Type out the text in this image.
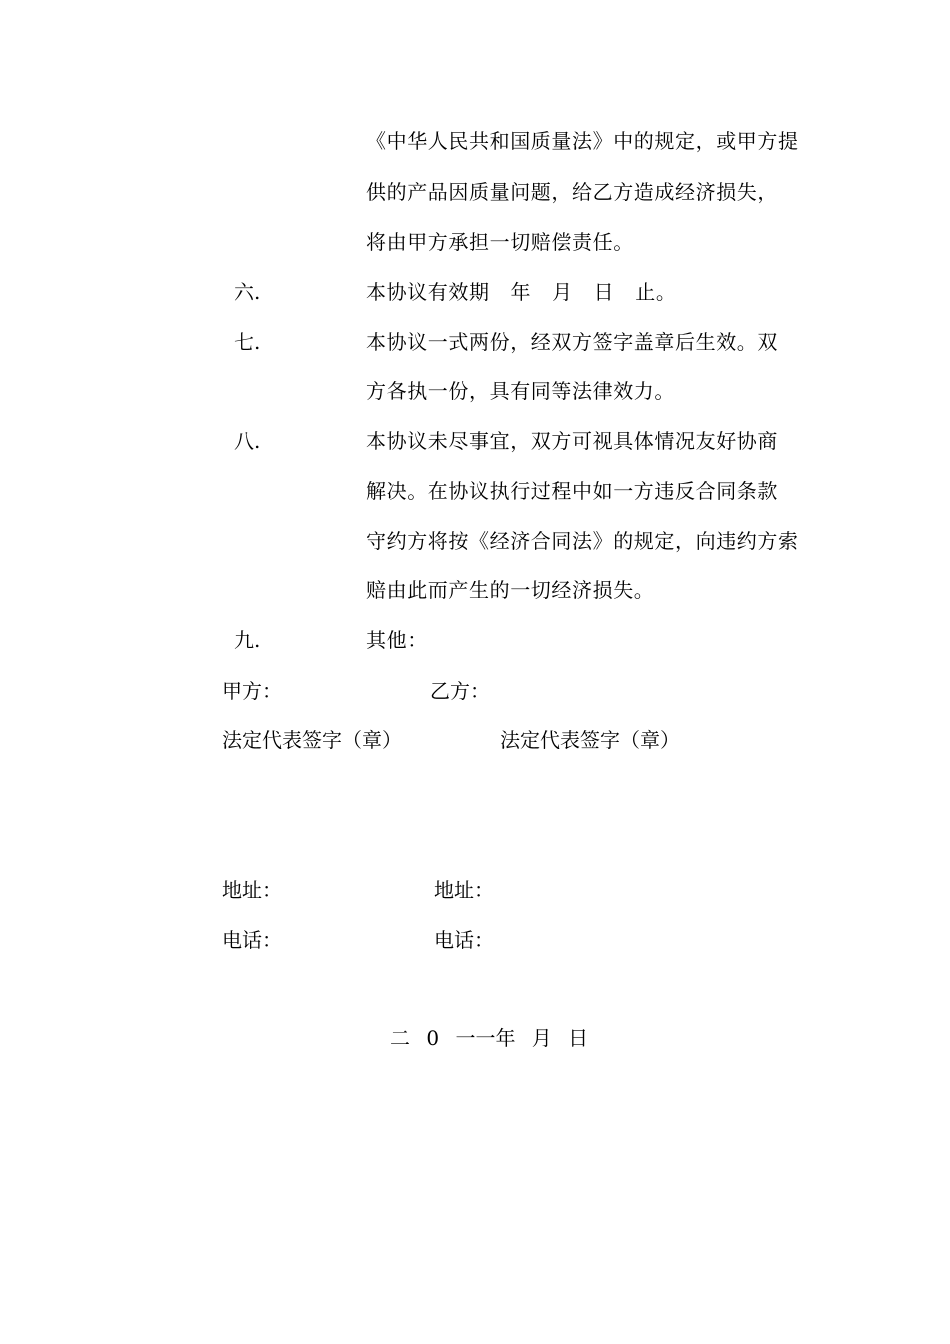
《中华人民共和国质量法》中的规定，或甲方提
供的产品因质量问题，给乙方造成经济损失，
将由甲方承担一切赔偿责任。
六.	本协议有效期 年 月 日 止。
七.	本协议一式两份，经双方签字盖章后生效。双
方各执一份，具有同等法律效力。
八.	本协议未尽事宜，双方可视具体情况友好协商
解决。在协议执行过程中如一方违反合同条款
守约方将按《经济合同法》的规定，向违约方索
赔由此而产生的一切经济损失。
九.	其他：
甲方：	乙方：
法定代表签字（章）	法定代表签字（章）
地址：	地址：
电话：	电话：
二 0 一一年 月 日
